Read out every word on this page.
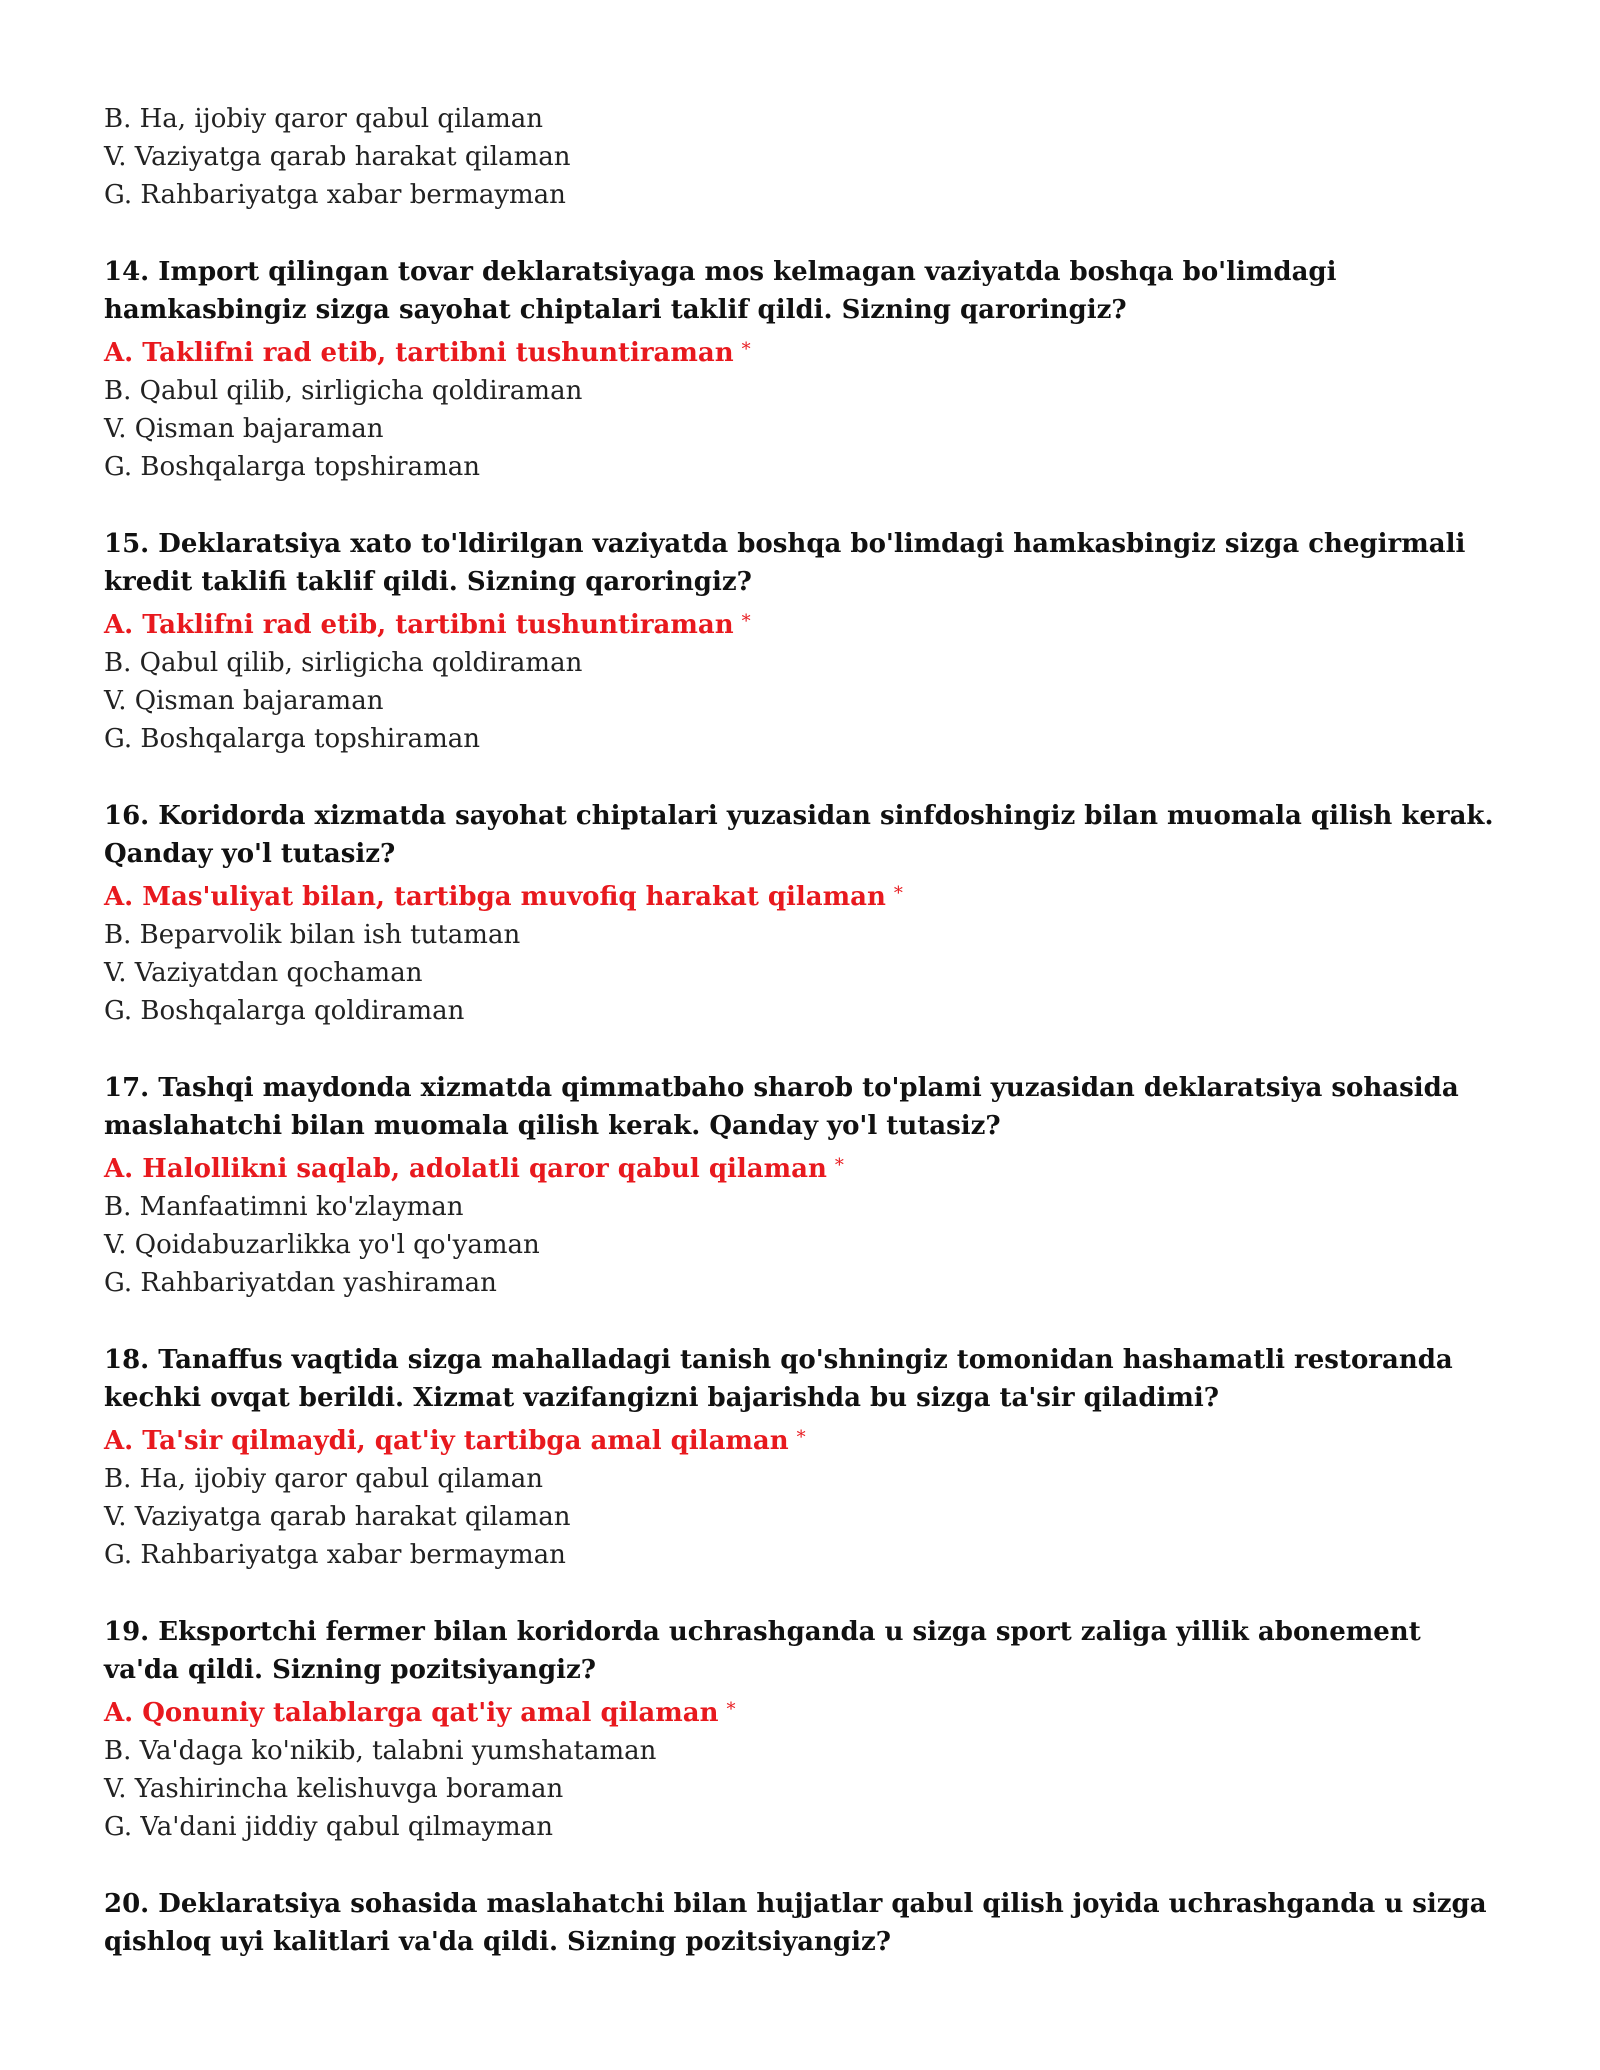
B. Ha, ijobiy qaror qabul qilaman

V. Vaziyatga qarab harakat qilaman

G. Rahbariyatga xabar bermayman

14. Import qilingan tovar deklaratsiyaga mos kelmagan vaziyatda boshqa bo'limdagi hamkasbingiz sizga sayohat chiptalari taklif qildi. Sizning qaroringiz?

A. Taklifni rad etib, tartibni tushuntiraman *

B. Qabul qilib, sirligicha qoldiraman

V. Qisman bajaraman

G. Boshqalarga topshiraman

15. Deklaratsiya xato to'ldirilgan vaziyatda boshqa bo'limdagi hamkasbingiz sizga chegirmali kredit taklifi taklif qildi. Sizning qaroringiz?

A. Taklifni rad etib, tartibni tushuntiraman *

B. Qabul qilib, sirligicha qoldiraman

V. Qisman bajaraman

G. Boshqalarga topshiraman

16. Koridorda xizmatda sayohat chiptalari yuzasidan sinfdoshingiz bilan muomala qilish kerak. Qanday yo'l tutasiz?

A. Mas'uliyat bilan, tartibga muvofiq harakat qilaman *

B. Beparvolik bilan ish tutaman

V. Vaziyatdan qochaman

G. Boshqalarga qoldiraman

17. Tashqi maydonda xizmatda qimmatbaho sharob to'plami yuzasidan deklaratsiya sohasida maslahatchi bilan muomala qilish kerak. Qanday yo'l tutasiz?

A. Halollikni saqlab, adolatli qaror qabul qilaman *

B. Manfaatimni ko'zlayman

V. Qoidabuzarlikka yo'l qo'yaman

G. Rahbariyatdan yashiraman

18. Tanaffus vaqtida sizga mahalladagi tanish qo'shningiz tomonidan hashamatli restoranda kechki ovqat berildi. Xizmat vazifangizni bajarishda bu sizga ta'sir qiladimi?

A. Ta'sir qilmaydi, qat'iy tartibga amal qilaman *

B. Ha, ijobiy qaror qabul qilaman

V. Vaziyatga qarab harakat qilaman

G. Rahbariyatga xabar bermayman

19. Eksportchi fermer bilan koridorda uchrashganda u sizga sport zaliga yillik abonement va'da qildi. Sizning pozitsiyangiz?

A. Qonuniy talablarga qat'iy amal qilaman *

B. Va'daga ko'nikib, talabni yumshataman

V. Yashirincha kelishuvga boraman

G. Va'dani jiddiy qabul qilmayman

20. Deklaratsiya sohasida maslahatchi bilan hujjatlar qabul qilish joyida uchrashganda u sizga qishloq uyi kalitlari va'da qildi. Sizning pozitsiyangiz?
